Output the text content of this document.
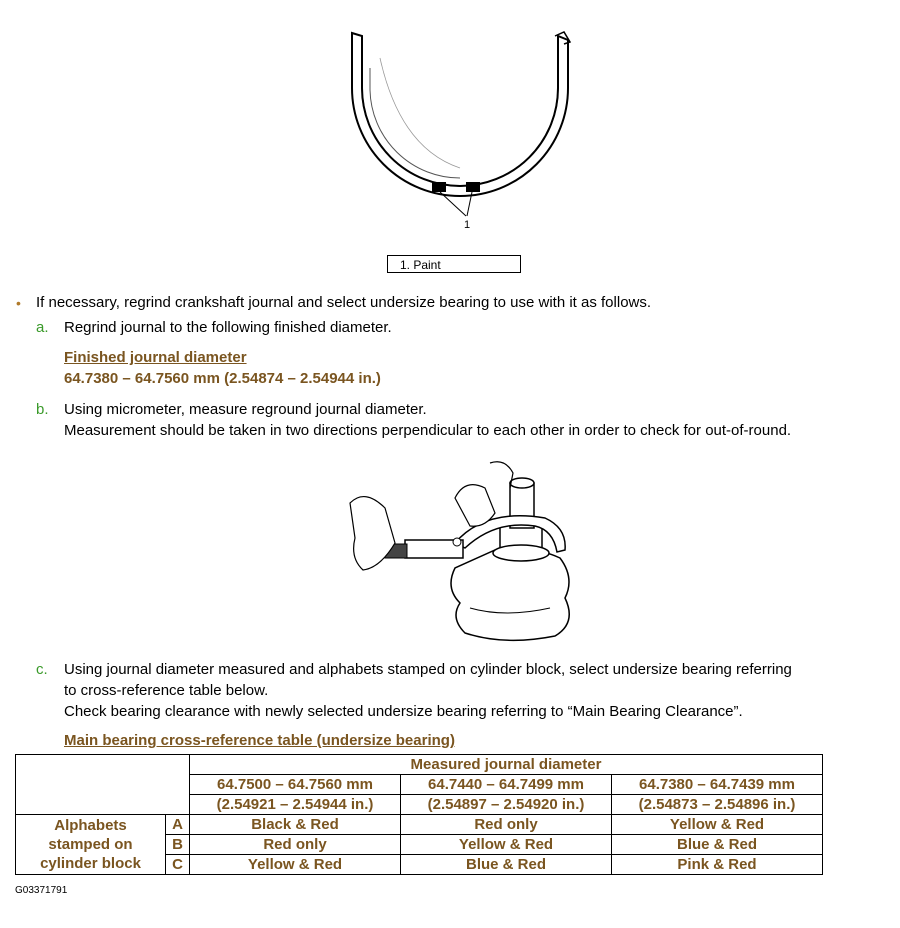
1
1. Paint
• If necessary, regrind crankshaft journal and select undersize bearing to use with it as follows.
a. Regrind journal to the following finished diameter.
Finished journal diameter
64.7380 – 64.7560 mm (2.54874 – 2.54944 in.)
b. Using micrometer, measure reground journal diameter.
Measurement should be taken in two directions perpendicular to each other in order to check for out-of-round.
c. Using journal diameter measured and alphabets stamped on cylinder block, select undersize bearing referring
to cross-reference table below.
Check bearing clearance with newly selected undersize bearing referring to “Main Bearing Clearance”.
Main bearing cross-reference table (undersize bearing)
		Measured journal diameter		
		64.7500 – 64.7560 mm	64.7440 – 64.7499 mm	64.7380 – 64.7439 mm
		(2.54921 – 2.54944 in.)	(2.54897 – 2.54920 in.)	(2.54873 – 2.54896 in.)

Alphabets
stamped on
cylinder block	A	Black & Red	Red only	Yellow & Red
	B	Red only	Yellow & Red	Blue & Red
	C	Yellow & Red	Blue & Red	Pink & Red
G03371791
